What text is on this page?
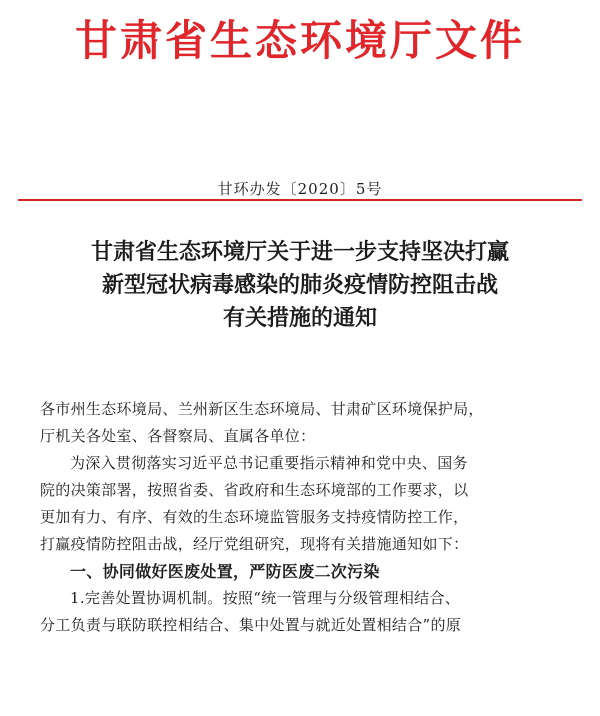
甘肃省生态环境厅文件
甘环办发〔2020〕5号
甘肃省生态环境厅关于进一步支持坚决打赢
新型冠状病毒感染的肺炎疫情防控阻击战
有关措施的通知
各市州生态环境局、兰州新区生态环境局、甘肃矿区环境保护局，
厅机关各处室、各督察局、直属各单位：
为深入贯彻落实习近平总书记重要指示精神和党中央、国务
院的决策部署，按照省委、省政府和生态环境部的工作要求，以
更加有力、有序、有效的生态环境监管服务支持疫情防控工作，
打赢疫情防控阻击战，经厅党组研究，现将有关措施通知如下：
一、协同做好医废处置，严防医废二次污染
1.完善处置协调机制。按照“统一管理与分级管理相结合、
分工负责与联防联控相结合、集中处置与就近处置相结合”的原
